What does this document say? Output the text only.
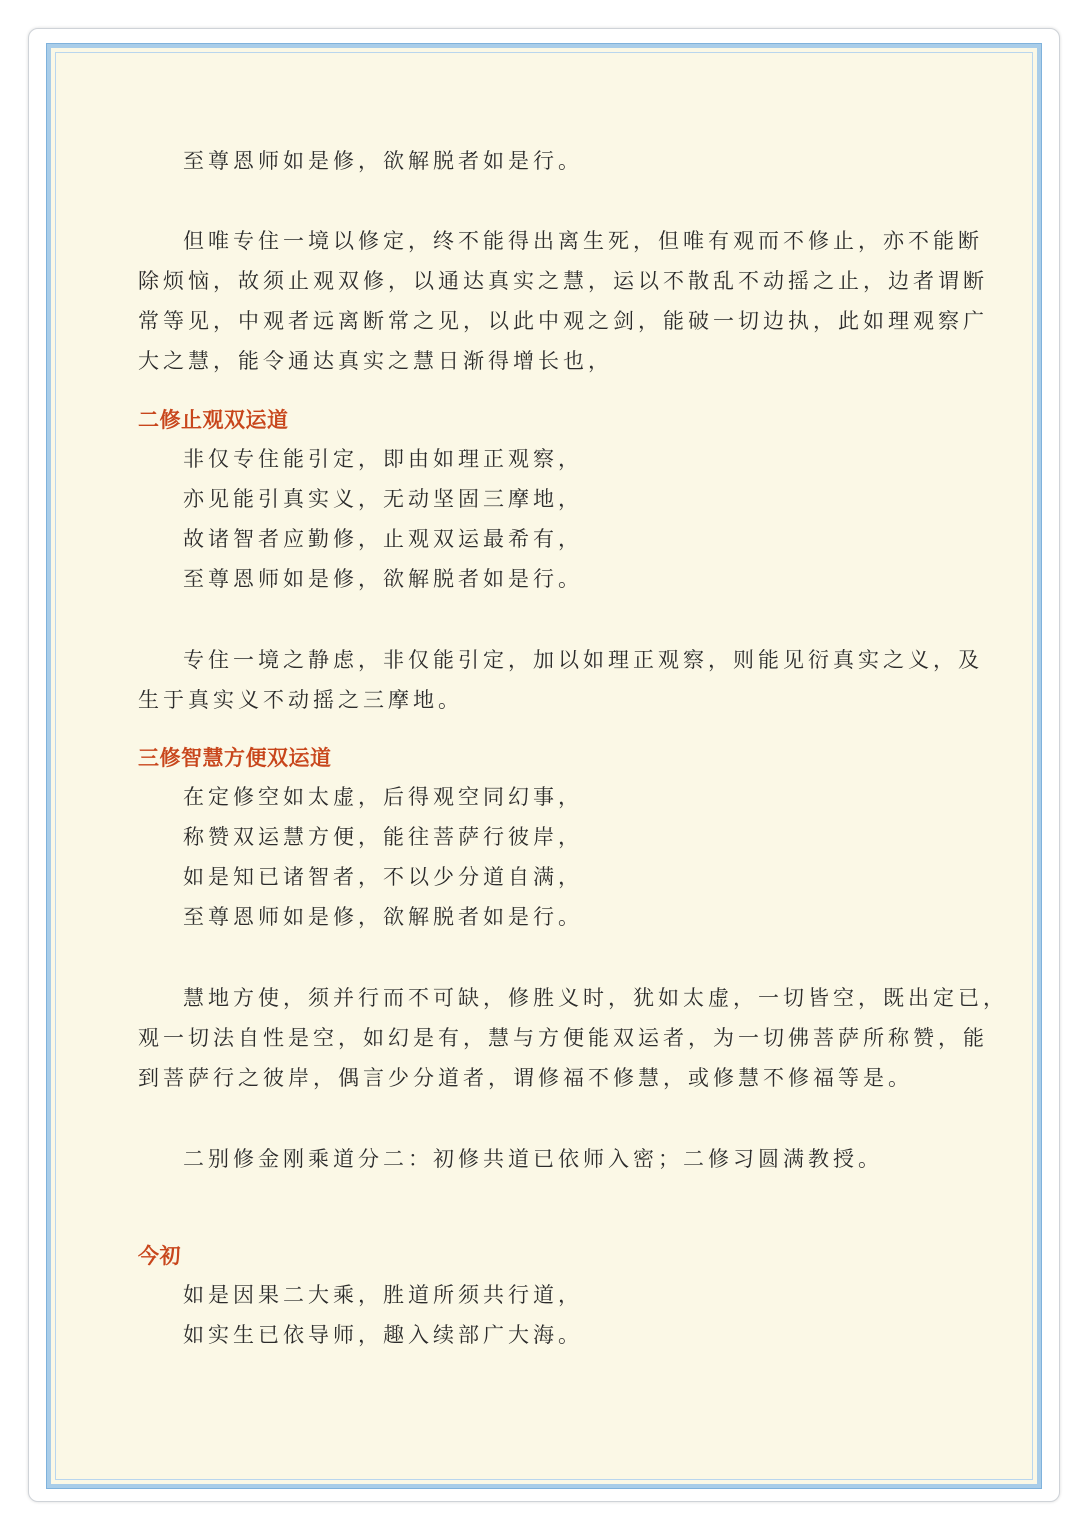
至尊恩师如是修，欲解脱者如是行。
但唯专住一境以修定，终不能得出离生死，但唯有观而不修止，亦不能断
除烦恼，故须止观双修，以通达真实之慧，运以不散乱不动摇之止，边者谓断
常等见，中观者远离断常之见，以此中观之剑，能破一切边执，此如理观察广
大之慧，能令通达真实之慧日渐得增长也，
二修止观双运道
非仅专住能引定，即由如理正观察，
亦见能引真实义，无动坚固三摩地，
故诸智者应勤修，止观双运最希有，
至尊恩师如是修，欲解脱者如是行。
专住一境之静虑，非仅能引定，加以如理正观察，则能见衍真实之义，及
生于真实义不动摇之三摩地。
三修智慧方便双运道
在定修空如太虚，后得观空同幻事，
称赞双运慧方便，能往菩萨行彼岸，
如是知已诸智者，不以少分道自满，
至尊恩师如是修，欲解脱者如是行。
慧地方使，须并行而不可缺，修胜义时，犹如太虚，一切皆空，既出定已，
观一切法自性是空，如幻是有，慧与方便能双运者，为一切佛菩萨所称赞，能
到菩萨行之彼岸，偶言少分道者，谓修福不修慧，或修慧不修福等是。
二别修金刚乘道分二：初修共道已依师入密；二修习圆满教授。
今初
如是因果二大乘，胜道所须共行道，
如实生已依导师，趣入续部广大海。
